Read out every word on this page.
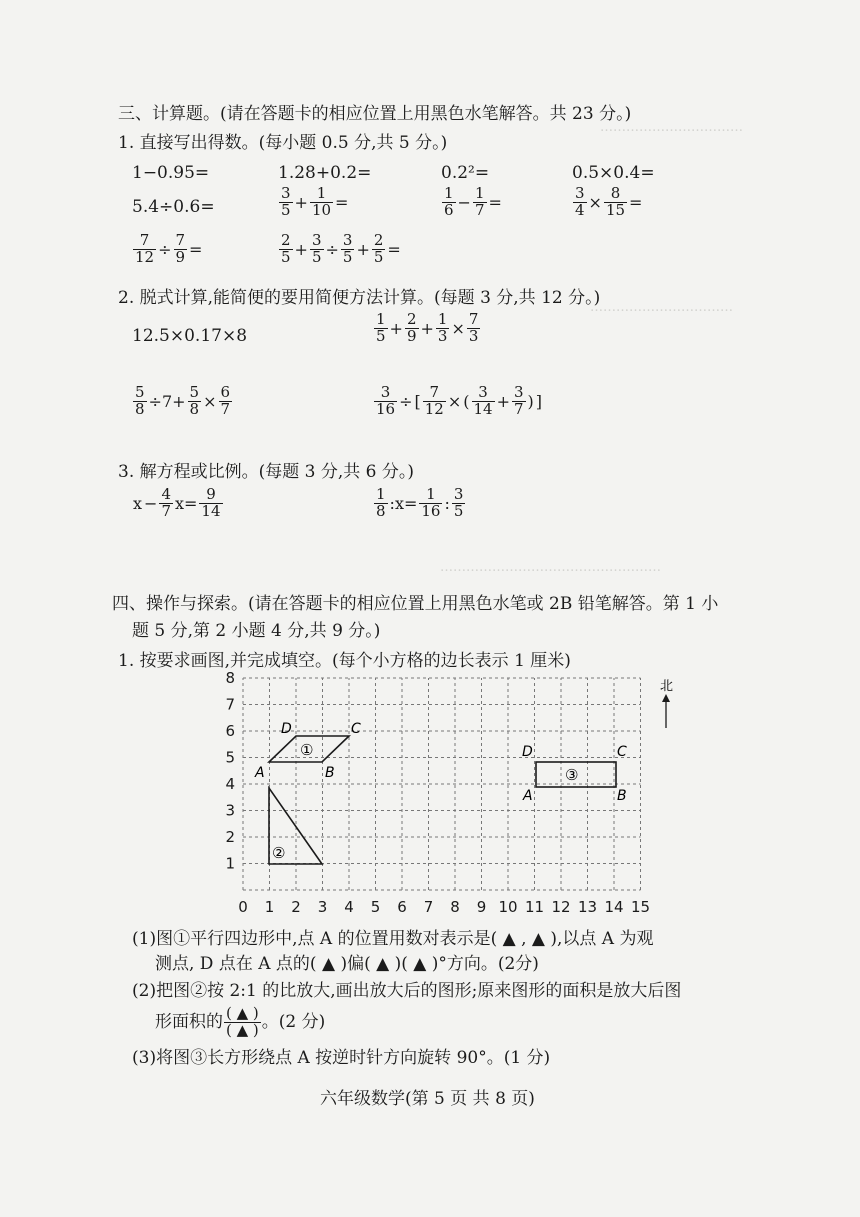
……………………………
……………………………
……………………………………………
三、计算题。(请在答题卡的相应位置上用黑色水笔解答。共 23 分。)
1. 直接写出得数。(每小题 0.5 分,共 5 分。)
1−0.95=	1.28+0.2=	0.2²=	0.5×0.4=
5.4÷0.6=	$\frac{3}{5} + \frac{1}{10}$ =	$\frac{1}{6} - \frac{1}{7}$ =	$\frac{3}{4} \times \frac{8}{15}$ =
$\frac{7}{12} \div \frac{7}{9}$ =	$\frac{2}{5} + \frac{3}{5} \div \frac{3}{5} + \frac{2}{5}$ =
2. 脱式计算,能简便的要用简便方法计算。(每题 3 分,共 12 分。)
12.5×0.17×8	$\frac{1}{5} + \frac{2}{9} + \frac{1}{3} \times \frac{7}{3}$
$\frac{5}{8} \div 7+ \frac{5}{8} \times \frac{6}{7}$	$\frac{3}{16}$ ÷ [ $\frac{7}{12}$ × ( $\frac{3}{14} + \frac{3}{7}$ ) ]
3. 解方程或比例。(每题 3 分,共 6 分。)
$x - \frac{4}{7} x= \frac{9}{14}$	$\frac{1}{8}$ :x= $\frac{1}{16}$ : $\frac{3}{5}$
四、操作与探索。(请在答题卡的相应位置上用黑色水笔或 2B 铅笔解答。第 1 小
题 5 分,第 2 小题 4 分,共 9 分。)
1. 按要求画图,并完成填空。(每个小方格的边长表示 1 厘米)
0 1 2 3 4 5 6 7 8 9 10 11 12 13 14 15
1
2
3
4
5
6
7
8
A	B
C
D
①
②
A	B
C
D
③
北
(1)图①平行四边形中,点 A 的位置用数对表示是( ▲ , ▲ ),以点 A 为观
测点, D 点在 A 点的( ▲ )偏( ▲ )( ▲ )°方向。(2分)
(2)把图②按 2:1 的比放大,画出放大后的图形;原来图形的面积是放大后图
形面积的 $\frac{( ▲ )}{( ▲ )}$ 。(2 分)
(3)将图③长方形绕点 A 按逆时针方向旋转 90°。(1 分)
六年级数学(第 5 页 共 8 页)
